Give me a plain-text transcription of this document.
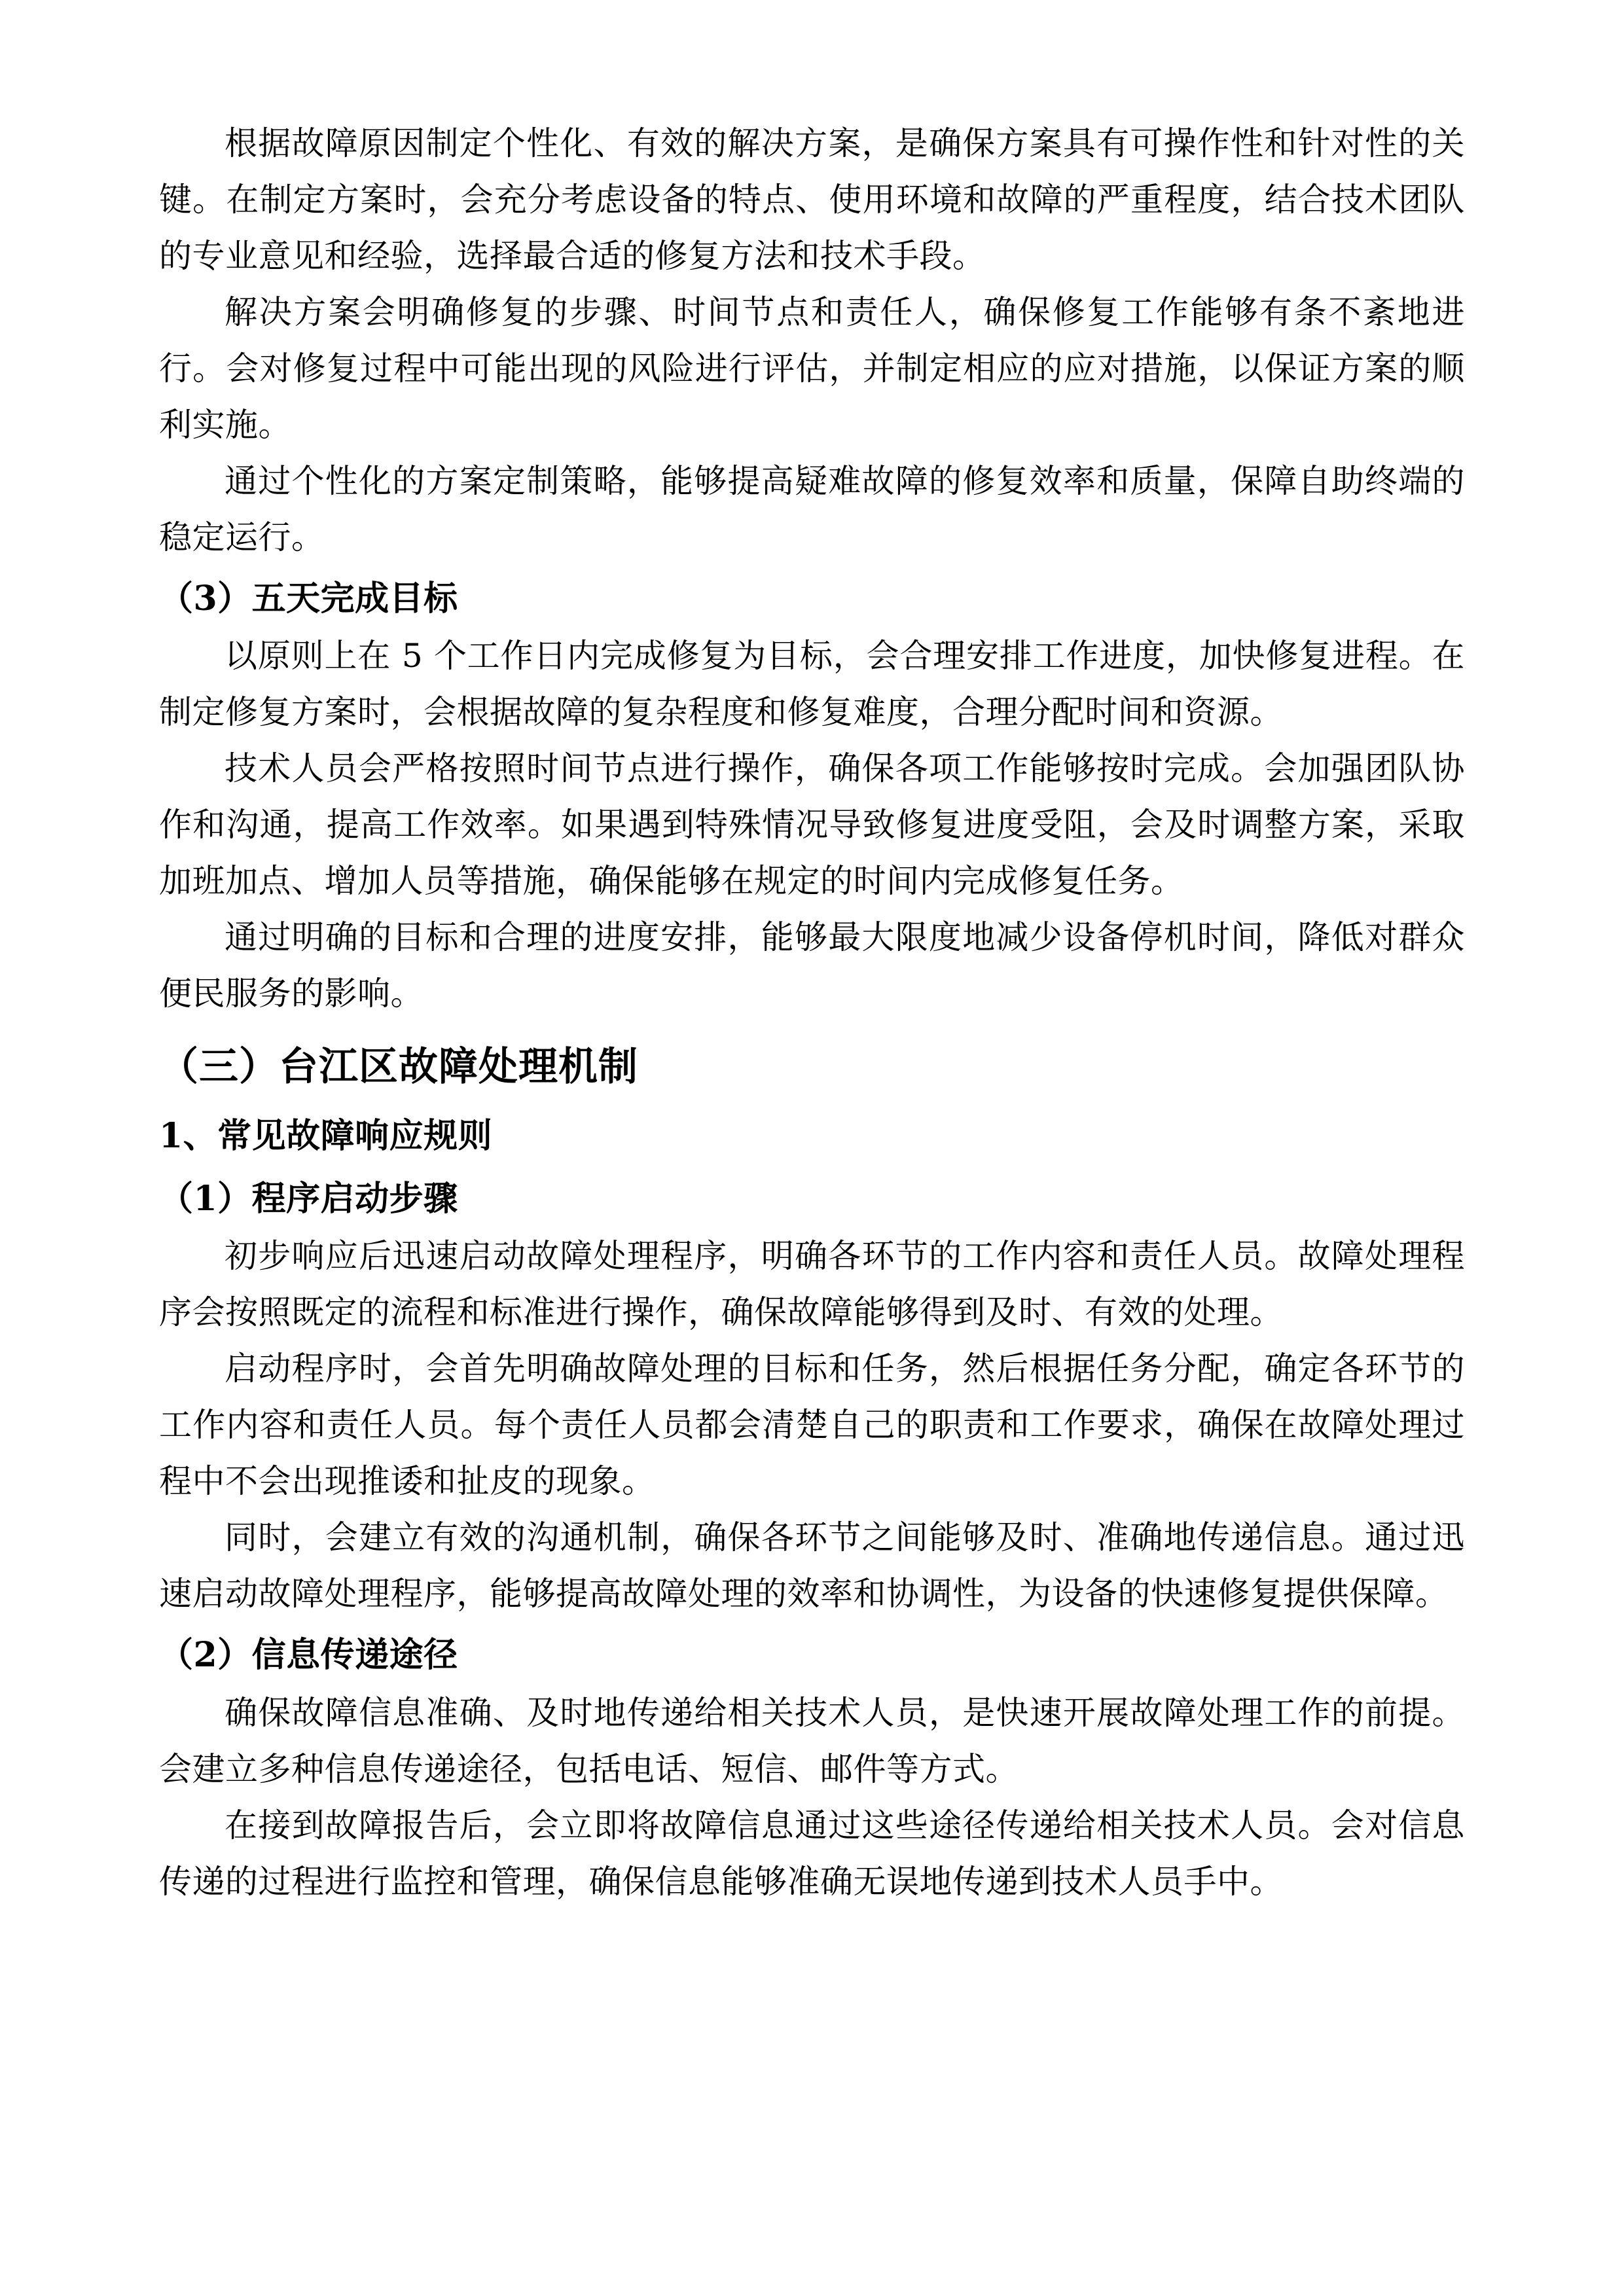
根据故障原因制定个性化、有效的解决方案，是确保方案具有可操作性和针对性的关键。在制定方案时，会充分考虑设备的特点、使用环境和故障的严重程度，结合技术团队的专业意见和经验，选择最合适的修复方法和技术手段。

解决方案会明确修复的步骤、时间节点和责任人，确保修复工作能够有条不紊地进行。会对修复过程中可能出现的风险进行评估，并制定相应的应对措施，以保证方案的顺利实施。

通过个性化的方案定制策略，能够提高疑难故障的修复效率和质量，保障自助终端的稳定运行。

（3）五天完成目标

以原则上在 5 个工作日内完成修复为目标，会合理安排工作进度，加快修复进程。在制定修复方案时，会根据故障的复杂程度和修复难度，合理分配时间和资源。

技术人员会严格按照时间节点进行操作，确保各项工作能够按时完成。会加强团队协作和沟通，提高工作效率。如果遇到特殊情况导致修复进度受阻，会及时调整方案，采取加班加点、增加人员等措施，确保能够在规定的时间内完成修复任务。

通过明确的目标和合理的进度安排，能够最大限度地减少设备停机时间，降低对群众便民服务的影响。

（三）台江区故障处理机制
1、常见故障响应规则
（1）程序启动步骤

初步响应后迅速启动故障处理程序，明确各环节的工作内容和责任人员。故障处理程序会按照既定的流程和标准进行操作，确保故障能够得到及时、有效的处理。

启动程序时，会首先明确故障处理的目标和任务，然后根据任务分配，确定各环节的工作内容和责任人员。每个责任人员都会清楚自己的职责和工作要求，确保在故障处理过程中不会出现推诿和扯皮的现象。

同时，会建立有效的沟通机制，确保各环节之间能够及时、准确地传递信息。通过迅速启动故障处理程序，能够提高故障处理的效率和协调性，为设备的快速修复提供保障。

（2）信息传递途径

确保故障信息准确、及时地传递给相关技术人员，是快速开展故障处理工作的前提。会建立多种信息传递途径，包括电话、短信、邮件等方式。

在接到故障报告后，会立即将故障信息通过这些途径传递给相关技术人员。会对信息传递的过程进行监控和管理，确保信息能够准确无误地传递到技术人员手中。
